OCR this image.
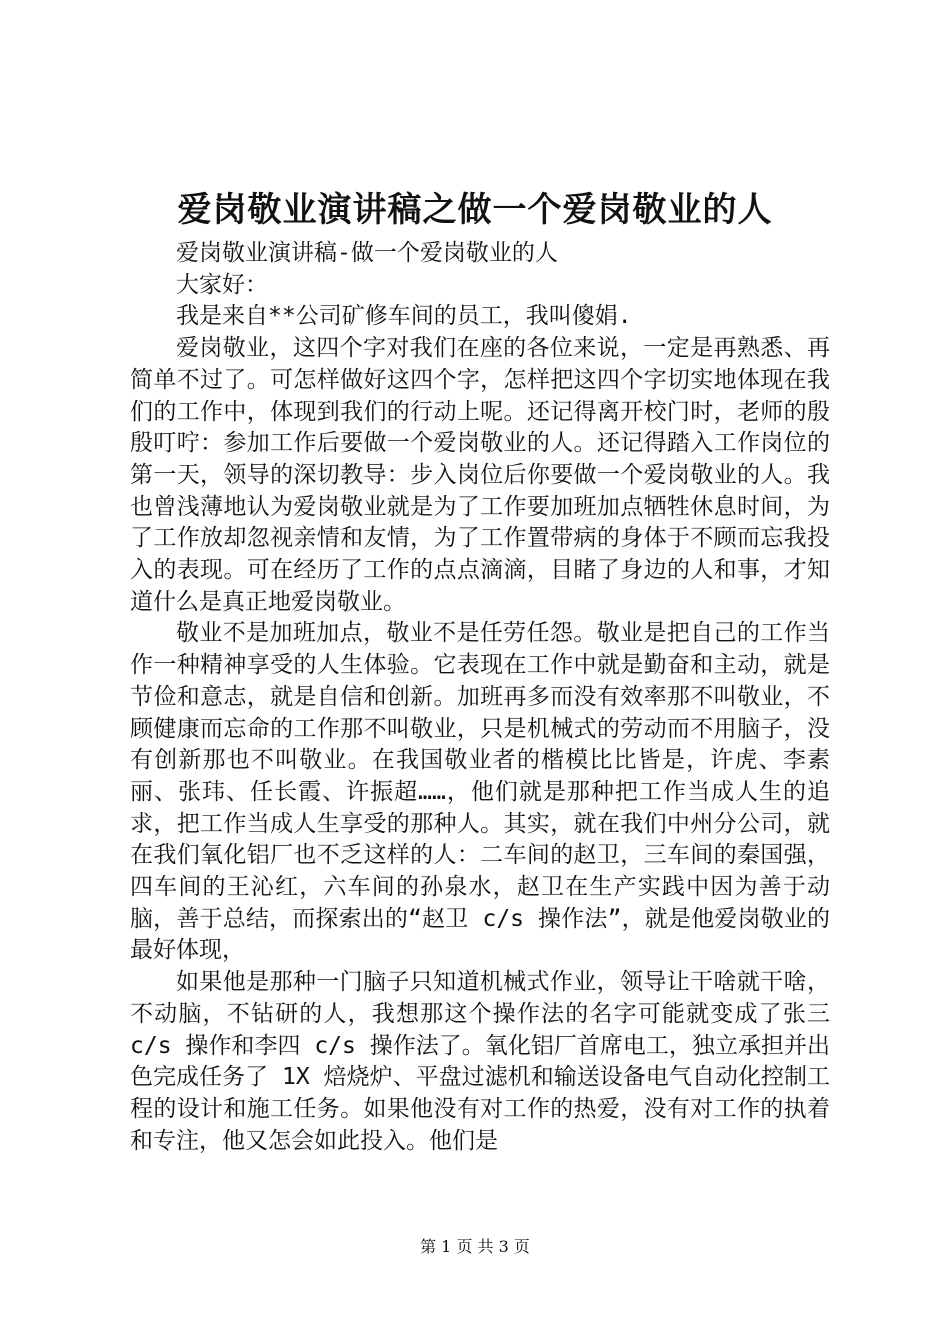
爱岗敬业演讲稿之做一个爱岗敬业的人

爱岗敬业演讲稿-做一个爱岗敬业的人

大家好：

我是来自**公司矿修车间的员工，我叫傻娟.

爱岗敬业，这四个字对我们在座的各位来说，一定是再熟悉、再简单不过了。可怎样做好这四个字，怎样把这四个字切实地体现在我们的工作中，体现到我们的行动上呢。还记得离开校门时，老师的殷殷叮咛：参加工作后要做一个爱岗敬业的人。还记得踏入工作岗位的第一天，领导的深切教导：步入岗位后你要做一个爱岗敬业的人。我也曾浅薄地认为爱岗敬业就是为了工作要加班加点牺牲休息时间，为了工作放却忽视亲情和友情，为了工作置带病的身体于不顾而忘我投入的表现。可在经历了工作的点点滴滴，目睹了身边的人和事，才知道什么是真正地爱岗敬业。

敬业不是加班加点，敬业不是任劳任怨。敬业是把自己的工作当作一种精神享受的人生体验。它表现在工作中就是勤奋和主动，就是节俭和意志，就是自信和创新。加班再多而没有效率那不叫敬业，不顾健康而忘命的工作那不叫敬业，只是机械式的劳动而不用脑子，没有创新那也不叫敬业。在我国敬业者的楷模比比皆是，许虎、李素丽、张玮、任长霞、许振超……，他们就是那种把工作当成人生的追求，把工作当成人生享受的那种人。其实，就在我们中州分公司，就在我们氧化铝厂也不乏这样的人：二车间的赵卫，三车间的秦国强，四车间的王沁红，六车间的孙泉水，赵卫在生产实践中因为善于动脑，善于总结，而探索出的“赵卫 c/s 操作法”，就是他爱岗敬业的最好体现，

如果他是那种一门脑子只知道机械式作业，领导让干啥就干啥，不动脑，不钻研的人，我想那这个操作法的名字可能就变成了张三 c/s 操作和李四 c/s 操作法了。氧化铝厂首席电工，独立承担并出色完成任务了 1X 焙烧炉、平盘过滤机和输送设备电气自动化控制工程的设计和施工任务。如果他没有对工作的热爱，没有对工作的执着和专注，他又怎会如此投入。他们是

第 1 页 共 3 页
